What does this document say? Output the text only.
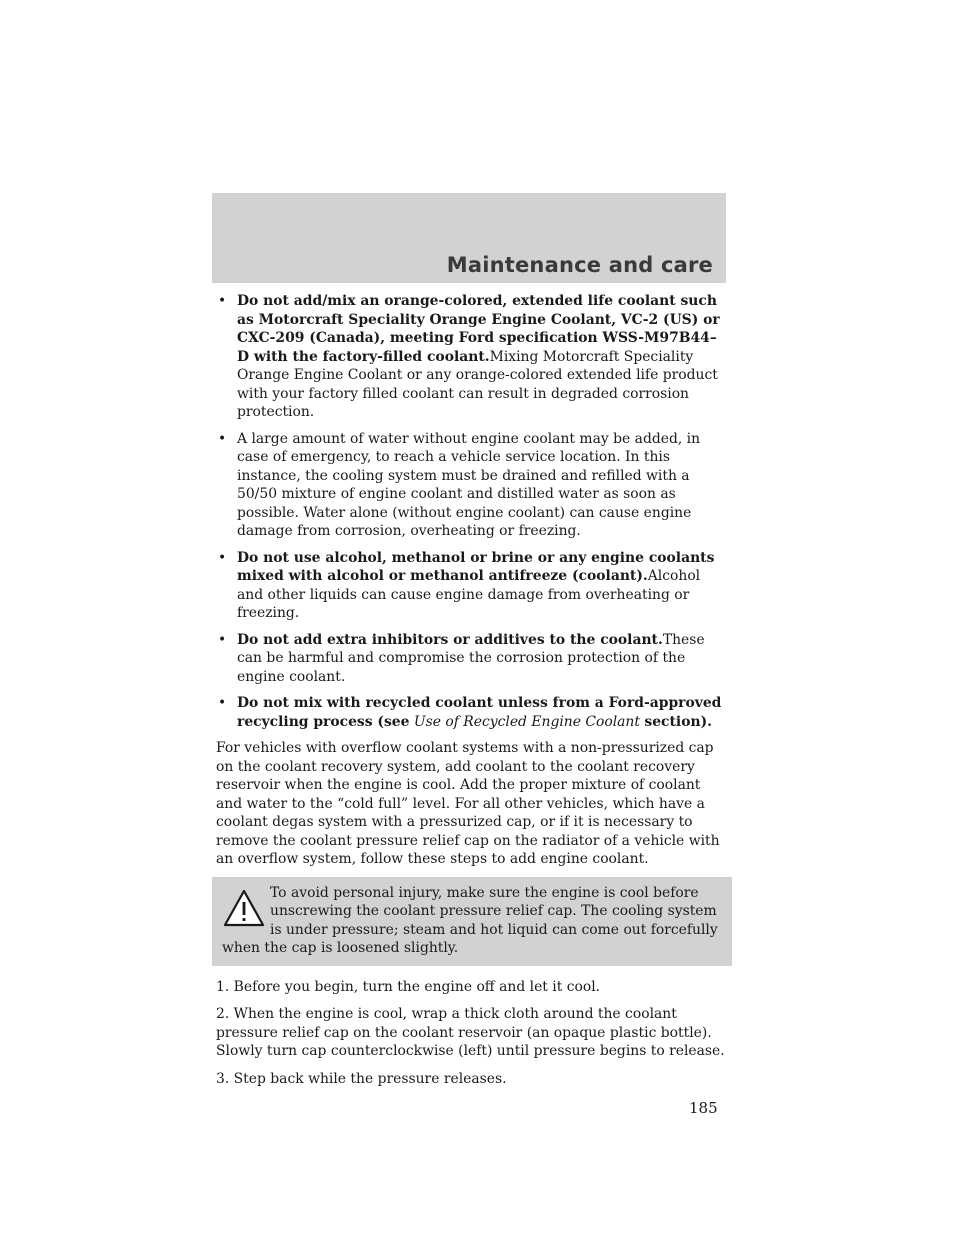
Maintenance and care
• Do not add/mix an orange-colored, extended life coolant such as Motorcraft Speciality Orange Engine Coolant, VC-2 (US) or CXC-209 (Canada), meeting Ford specification WSS-M97B44–D with the factory-filled coolant.Mixing Motorcraft Speciality Orange Engine Coolant or any orange-colored extended life product with your factory filled coolant can result in degraded corrosion protection.
• A large amount of water without engine coolant may be added, in case of emergency, to reach a vehicle service location. In this instance, the cooling system must be drained and refilled with a 50/50 mixture of engine coolant and distilled water as soon as possible. Water alone (without engine coolant) can cause engine damage from corrosion, overheating or freezing.
• Do not use alcohol, methanol or brine or any engine coolants mixed with alcohol or methanol antifreeze (coolant).Alcohol and other liquids can cause engine damage from overheating or freezing.
• Do not add extra inhibitors or additives to the coolant.These can be harmful and compromise the corrosion protection of the engine coolant.
• Do not mix with recycled coolant unless from a Ford-approved recycling process (see Use of Recycled Engine Coolant section).

For vehicles with overflow coolant systems with a non-pressurized cap on the coolant recovery system, add coolant to the coolant recovery reservoir when the engine is cool. Add the proper mixture of coolant and water to the “cold full” level. For all other vehicles, which have a coolant degas system with a pressurized cap, or if it is necessary to remove the coolant pressure relief cap on the radiator of a vehicle with an overflow system, follow these steps to add engine coolant.

To avoid personal injury, make sure the engine is cool before unscrewing the coolant pressure relief cap. The cooling system is under pressure; steam and hot liquid can come out forcefully when the cap is loosened slightly.

1. Before you begin, turn the engine off and let it cool.

2. When the engine is cool, wrap a thick cloth around the coolant pressure relief cap on the coolant reservoir (an opaque plastic bottle). Slowly turn cap counterclockwise (left) until pressure begins to release.

3. Step back while the pressure releases.

185
